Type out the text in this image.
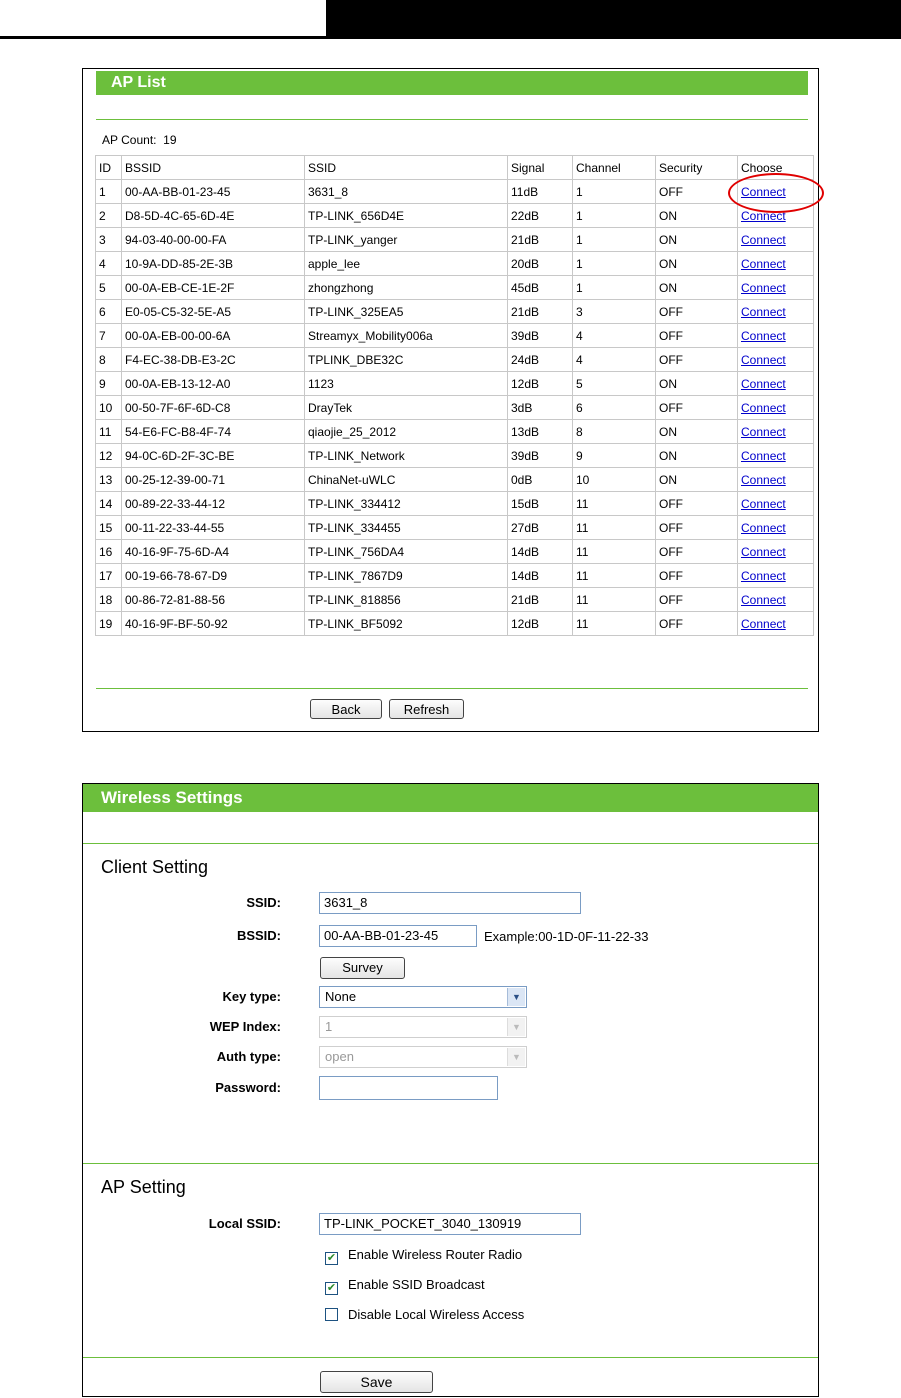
AP List
AP Count: 19
ID	BSSID	SSID	Signal	Channel	Security	Choose
1	00-AA-BB-01-23-45	3631_8	11dB	1	OFF	Connect
2	D8-5D-4C-65-6D-4E	TP-LINK_656D4E	22dB	1	ON	Connect
3	94-03-40-00-00-FA	TP-LINK_yanger	21dB	1	ON	Connect
4	10-9A-DD-85-2E-3B	apple_lee	20dB	1	ON	Connect
5	00-0A-EB-CE-1E-2F	zhongzhong	45dB	1	ON	Connect
6	E0-05-C5-32-5E-A5	TP-LINK_325EA5	21dB	3	OFF	Connect
7	00-0A-EB-00-00-6A	Streamyx_Mobility006a	39dB	4	OFF	Connect
8	F4-EC-38-DB-E3-2C	TPLINK_DBE32C	24dB	4	OFF	Connect
9	00-0A-EB-13-12-A0	1123	12dB	5	ON	Connect
10	00-50-7F-6F-6D-C8	DrayTek	3dB	6	OFF	Connect
11	54-E6-FC-B8-4F-74	qiaojie_25_2012	13dB	8	ON	Connect
12	94-0C-6D-2F-3C-BE	TP-LINK_Network	39dB	9	ON	Connect
13	00-25-12-39-00-71	ChinaNet-uWLC	0dB	10	ON	Connect
14	00-89-22-33-44-12	TP-LINK_334412	15dB	11	OFF	Connect
15	00-11-22-33-44-55	TP-LINK_334455	27dB	11	OFF	Connect
16	40-16-9F-75-6D-A4	TP-LINK_756DA4	14dB	11	OFF	Connect
17	00-19-66-78-67-D9	TP-LINK_7867D9	14dB	11	OFF	Connect
18	00-86-72-81-88-56	TP-LINK_818856	21dB	11	OFF	Connect
19	40-16-9F-BF-50-92	TP-LINK_BF5092	12dB	11	OFF	Connect
Back	Refresh
Wireless Settings
Client Setting
SSID:	3631_8
BSSID:	00-AA-BB-01-23-45	Example:00-1D-0F-11-22-33
Survey
Key type:	None	▼
WEP Index:	1	▼
Auth type:	open	▼
Password:
AP Setting
Local SSID:	TP-LINK_POCKET_3040_130919
✔ Enable Wireless Router Radio
✔ Enable SSID Broadcast
Disable Local Wireless Access
Save
